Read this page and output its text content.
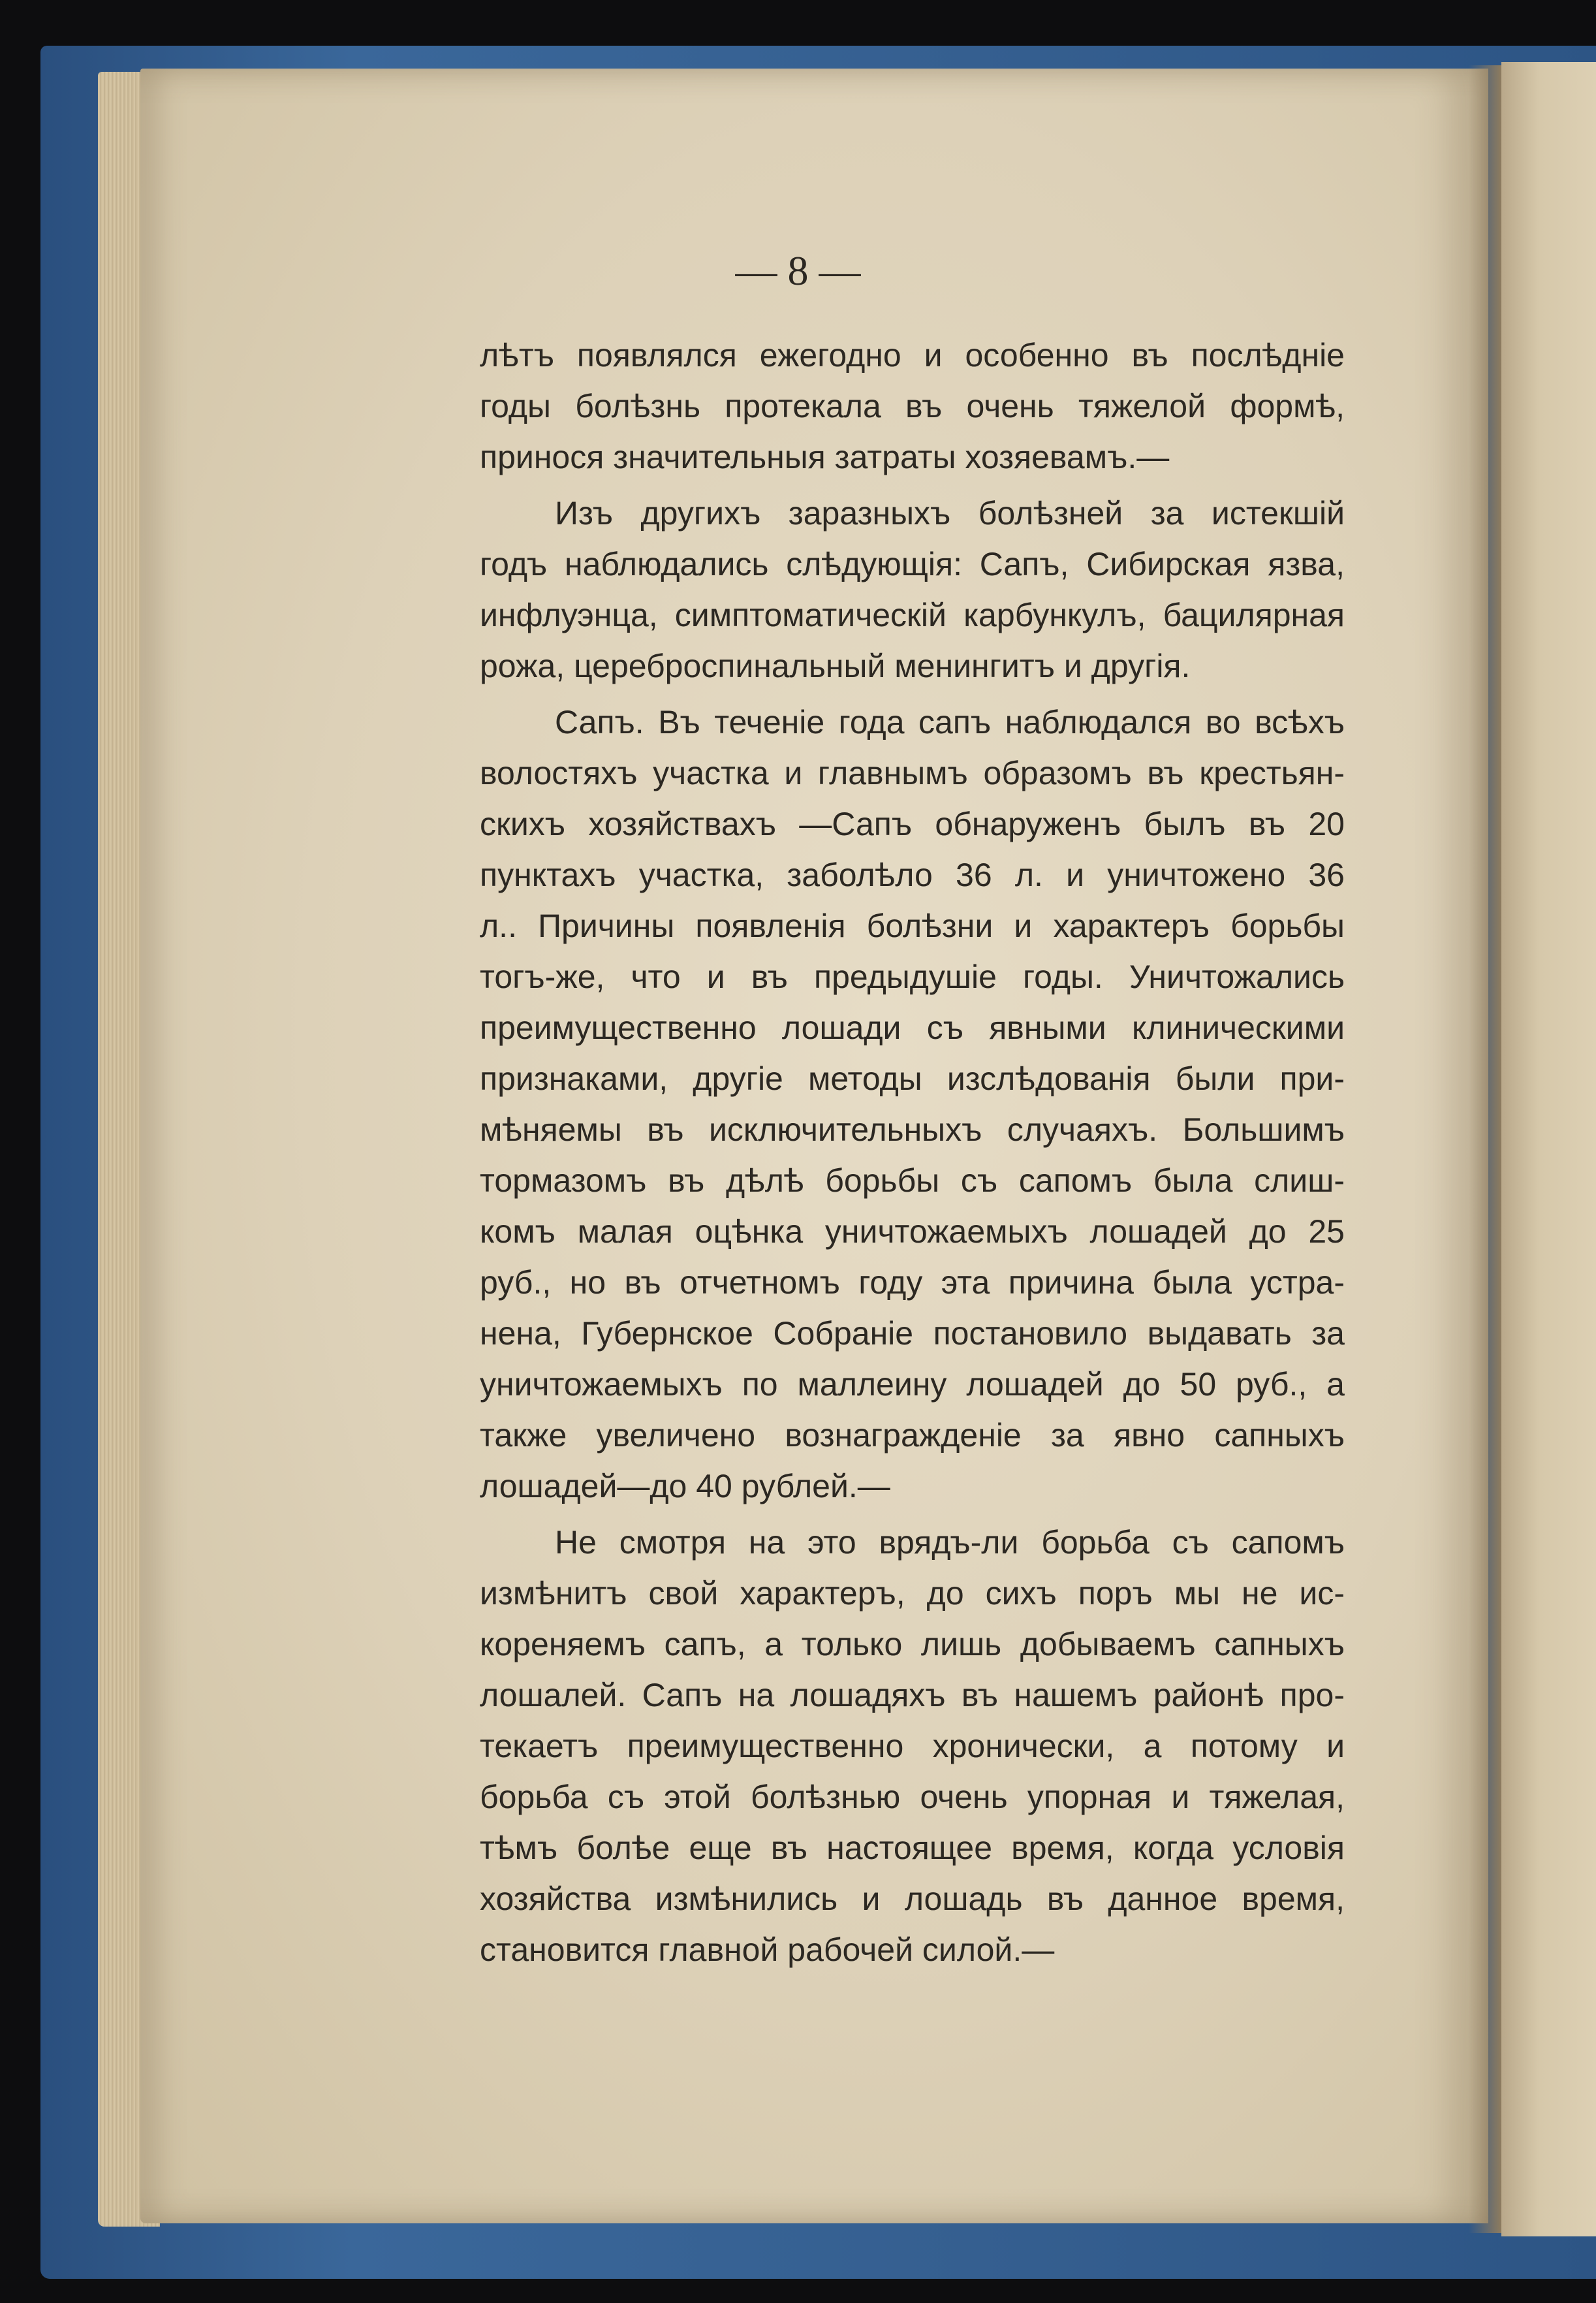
— 8 —
лѣтъ появлялся ежегодно и особенно въ послѣдніе
годы болѣзнь протекала въ очень тяжелой формѣ,
принося значительныя затраты хозяевамъ.—
Изъ другихъ заразныхъ болѣзней за истекшій
годъ наблюдались слѣдующія: Сапъ, Сибирская язва,
инфлуэнца, симптоматическій карбункулъ, бацилярная
рожа, цереброспинальный менингитъ и другія.
Сапъ. Въ теченіе года сапъ наблюдался во всѣхъ
волостяхъ участка и главнымъ образомъ въ крестьян-
скихъ хозяйствахъ —Сапъ обнаруженъ былъ въ 20
пунктахъ участка, заболѣло 36 л. и уничтожено 36
л.. Причины появленія болѣзни и характеръ борьбы
тогъ-же, что и въ предыдушіе годы. Уничтожались
преимущественно лошади съ явными клиническими
признаками, другіе методы изслѣдованія были при-
мѣняемы въ исключительныхъ случаяхъ. Большимъ
тормазомъ въ дѣлѣ борьбы съ сапомъ была слиш-
комъ малая оцѣнка уничтожаемыхъ лошадей до 25
руб., но въ отчетномъ году эта причина была устра-
нена, Губернское Собраніе постановило выдавать за
уничтожаемыхъ по маллеину лошадей до 50 руб., а
также увеличено вознагражденіе за явно сапныхъ
лошадей—до 40 рублей.—
Не смотря на это врядъ-ли борьба съ сапомъ
измѣнитъ свой характеръ, до сихъ поръ мы не ис-
кореняемъ сапъ, а только лишь добываемъ сапныхъ
лошалей. Сапъ на лошадяхъ въ нашемъ районѣ про-
текаетъ преимущественно хронически, а потому и
борьба съ этой болѣзнью очень упорная и тяжелая,
тѣмъ болѣе еще въ настоящее время, когда условія
хозяйства измѣнились и лошадь въ данное время,
становится главной рабочей силой.—
